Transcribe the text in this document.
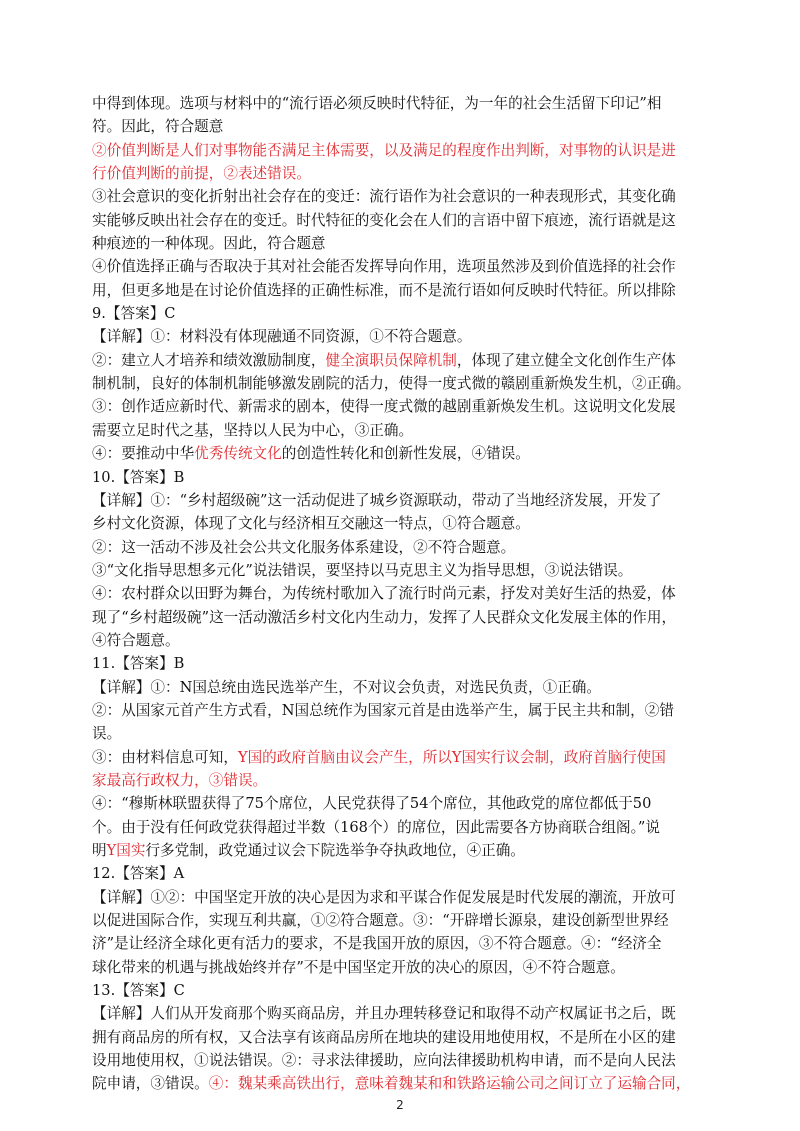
中得到体现。选项与材料中的“流行语必须反映时代特征，为一年的社会生活留下印记”相
符。因此，符合题意
②价值判断是人们对事物能否满足主体需要，以及满足的程度作出判断，对事物的认识是进
行价值判断的前提，②表述错误。
③社会意识的变化折射出社会存在的变迁：流行语作为社会意识的一种表现形式，其变化确
实能够反映出社会存在的变迁。时代特征的变化会在人们的言语中留下痕迹，流行语就是这
种痕迹的一种体现。因此，符合题意
④价值选择正确与否取决于其对社会能否发挥导向作用，选项虽然涉及到价值选择的社会作
用，但更多地是在讨论价值选择的正确性标准，而不是流行语如何反映时代特征。所以排除
9.【答案】C
【详解】①：材料没有体现融通不同资源，①不符合题意。
②：建立人才培养和绩效激励制度，健全演职员保障机制，体现了建立健全文化创作生产体
制机制，良好的体制机制能够激发剧院的活力，使得一度式微的赣剧重新焕发生机，②正确。
③：创作适应新时代、新需求的剧本，使得一度式微的越剧重新焕发生机。这说明文化发展
需要立足时代之基，坚持以人民为中心，③正确。
④：要推动中华优秀传统文化的创造性转化和创新性发展，④错误。
10.【答案】B
【详解】①：“乡村超级碗”这一活动促进了城乡资源联动，带动了当地经济发展，开发了
乡村文化资源，体现了文化与经济相互交融这一特点，①符合题意。
②：这一活动不涉及社会公共文化服务体系建设，②不符合题意。
③“文化指导思想多元化”说法错误，要坚持以马克思主义为指导思想，③说法错误。
④：农村群众以田野为舞台，为传统村歌加入了流行时尚元素，抒发对美好生活的热爱，体
现了“乡村超级碗”这一活动激活乡村文化内生动力，发挥了人民群众文化发展主体的作用，
④符合题意。
11.【答案】B
【详解】①：N国总统由选民选举产生，不对议会负责，对选民负责，①正确。
②：从国家元首产生方式看，N国总统作为国家元首是由选举产生，属于民主共和制，②错
误。
③：由材料信息可知，Y国的政府首脑由议会产生，所以Y国实行议会制，政府首脑行使国
家最高行政权力，③错误。
④：“穆斯林联盟获得了75个席位，人民党获得了54个席位，其他政党的席位都低于50
个。由于没有任何政党获得超过半数（168个）的席位，因此需要各方协商联合组阁。”说
明Y国实行多党制，政党通过议会下院选举争夺执政地位，④正确。
12.【答案】A
【详解】①②：中国坚定开放的决心是因为求和平谋合作促发展是时代发展的潮流，开放可
以促进国际合作，实现互利共赢，①②符合题意。③：“开辟增长源泉，建设创新型世界经
济”是让经济全球化更有活力的要求，不是我国开放的原因，③不符合题意。④：“经济全
球化带来的机遇与挑战始终并存”不是中国坚定开放的决心的原因，④不符合题意。
13.【答案】C
【详解】人们从开发商那个购买商品房，并且办理转移登记和取得不动产权属证书之后，既
拥有商品房的所有权，又合法享有该商品房所在地块的建设用地使用权，不是所在小区的建
设用地使用权，①说法错误。②：寻求法律援助，应向法律援助机构申请，而不是向人民法
院申请，③错误。④：魏某乘高铁出行，意味着魏某和和铁路运输公司之间订立了运输合同，
2
